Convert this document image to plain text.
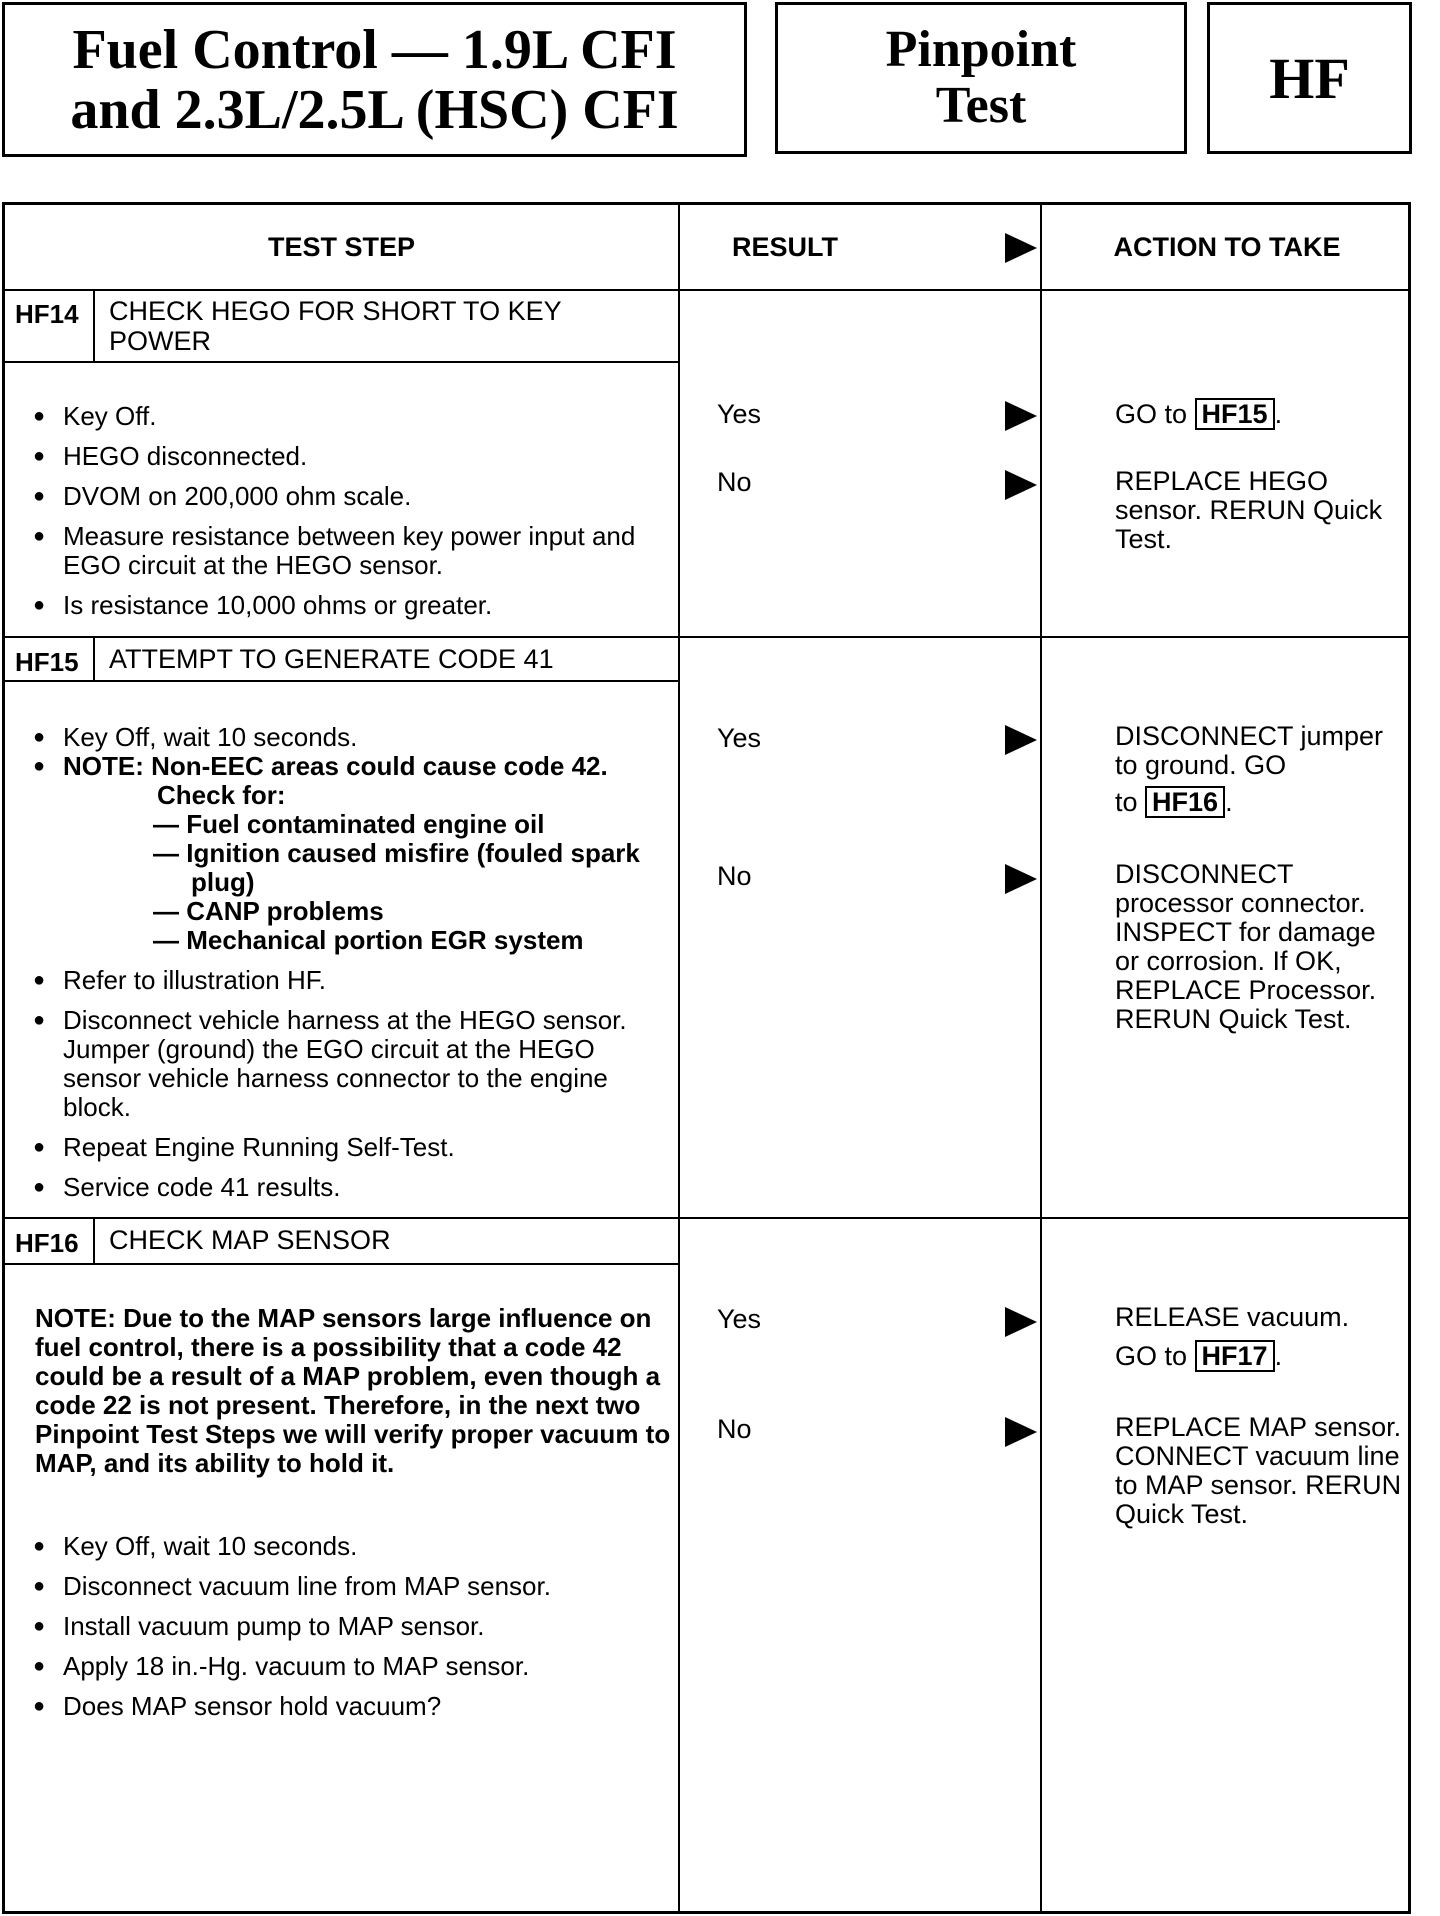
Fuel Control — 1.9L CFI
and 2.3L/2.5L (HSC) CFI
Pinpoint
Test	HF
TEST STEP	RESULT	ACTION TO TAKE
HF14 CHECK HEGO FOR SHORT TO KEY
POWER
● Key Off.
● HEGO disconnected.
● DVOM on 200,000 ohm scale.
● Measure resistance between key power input and EGO circuit at the HEGO sensor.
● Is resistance 10,000 ohms or greater.
Yes	GO to HF15 .
No	REPLACE HEGO sensor. RERUN Quick Test.
HF15 ATTEMPT TO GENERATE CODE 41
● Key Off, wait 10 seconds.
● NOTE: Non-EEC areas could cause code 42.
Check for:
— Fuel contaminated engine oil
— Ignition caused misfire (fouled spark plug)
— CANP problems
— Mechanical portion EGR system
● Refer to illustration HF.
● Disconnect vehicle harness at the HEGO sensor. Jumper (ground) the EGO circuit at the HEGO sensor vehicle harness connector to the engine block.
● Repeat Engine Running Self-Test.
● Service code 41 results.
Yes	DISCONNECT jumper to ground. GO
to HF16 .
No	DISCONNECT processor connector. INSPECT for damage or corrosion. If OK, REPLACE Processor. RERUN Quick Test.
HF16 CHECK MAP SENSOR
NOTE: Due to the MAP sensors large influence on fuel control, there is a possibility that a code 42 could be a result of a MAP problem, even though a code 22 is not present. Therefore, in the next two Pinpoint Test Steps we will verify proper vacuum to MAP, and its ability to hold it.
● Key Off, wait 10 seconds.
● Disconnect vacuum line from MAP sensor.
● Install vacuum pump to MAP sensor.
● Apply 18 in.-Hg. vacuum to MAP sensor.
● Does MAP sensor hold vacuum?
Yes	RELEASE vacuum.
GO to HF17 .
No	REPLACE MAP sensor. CONNECT vacuum line to MAP sensor. RERUN Quick Test.
